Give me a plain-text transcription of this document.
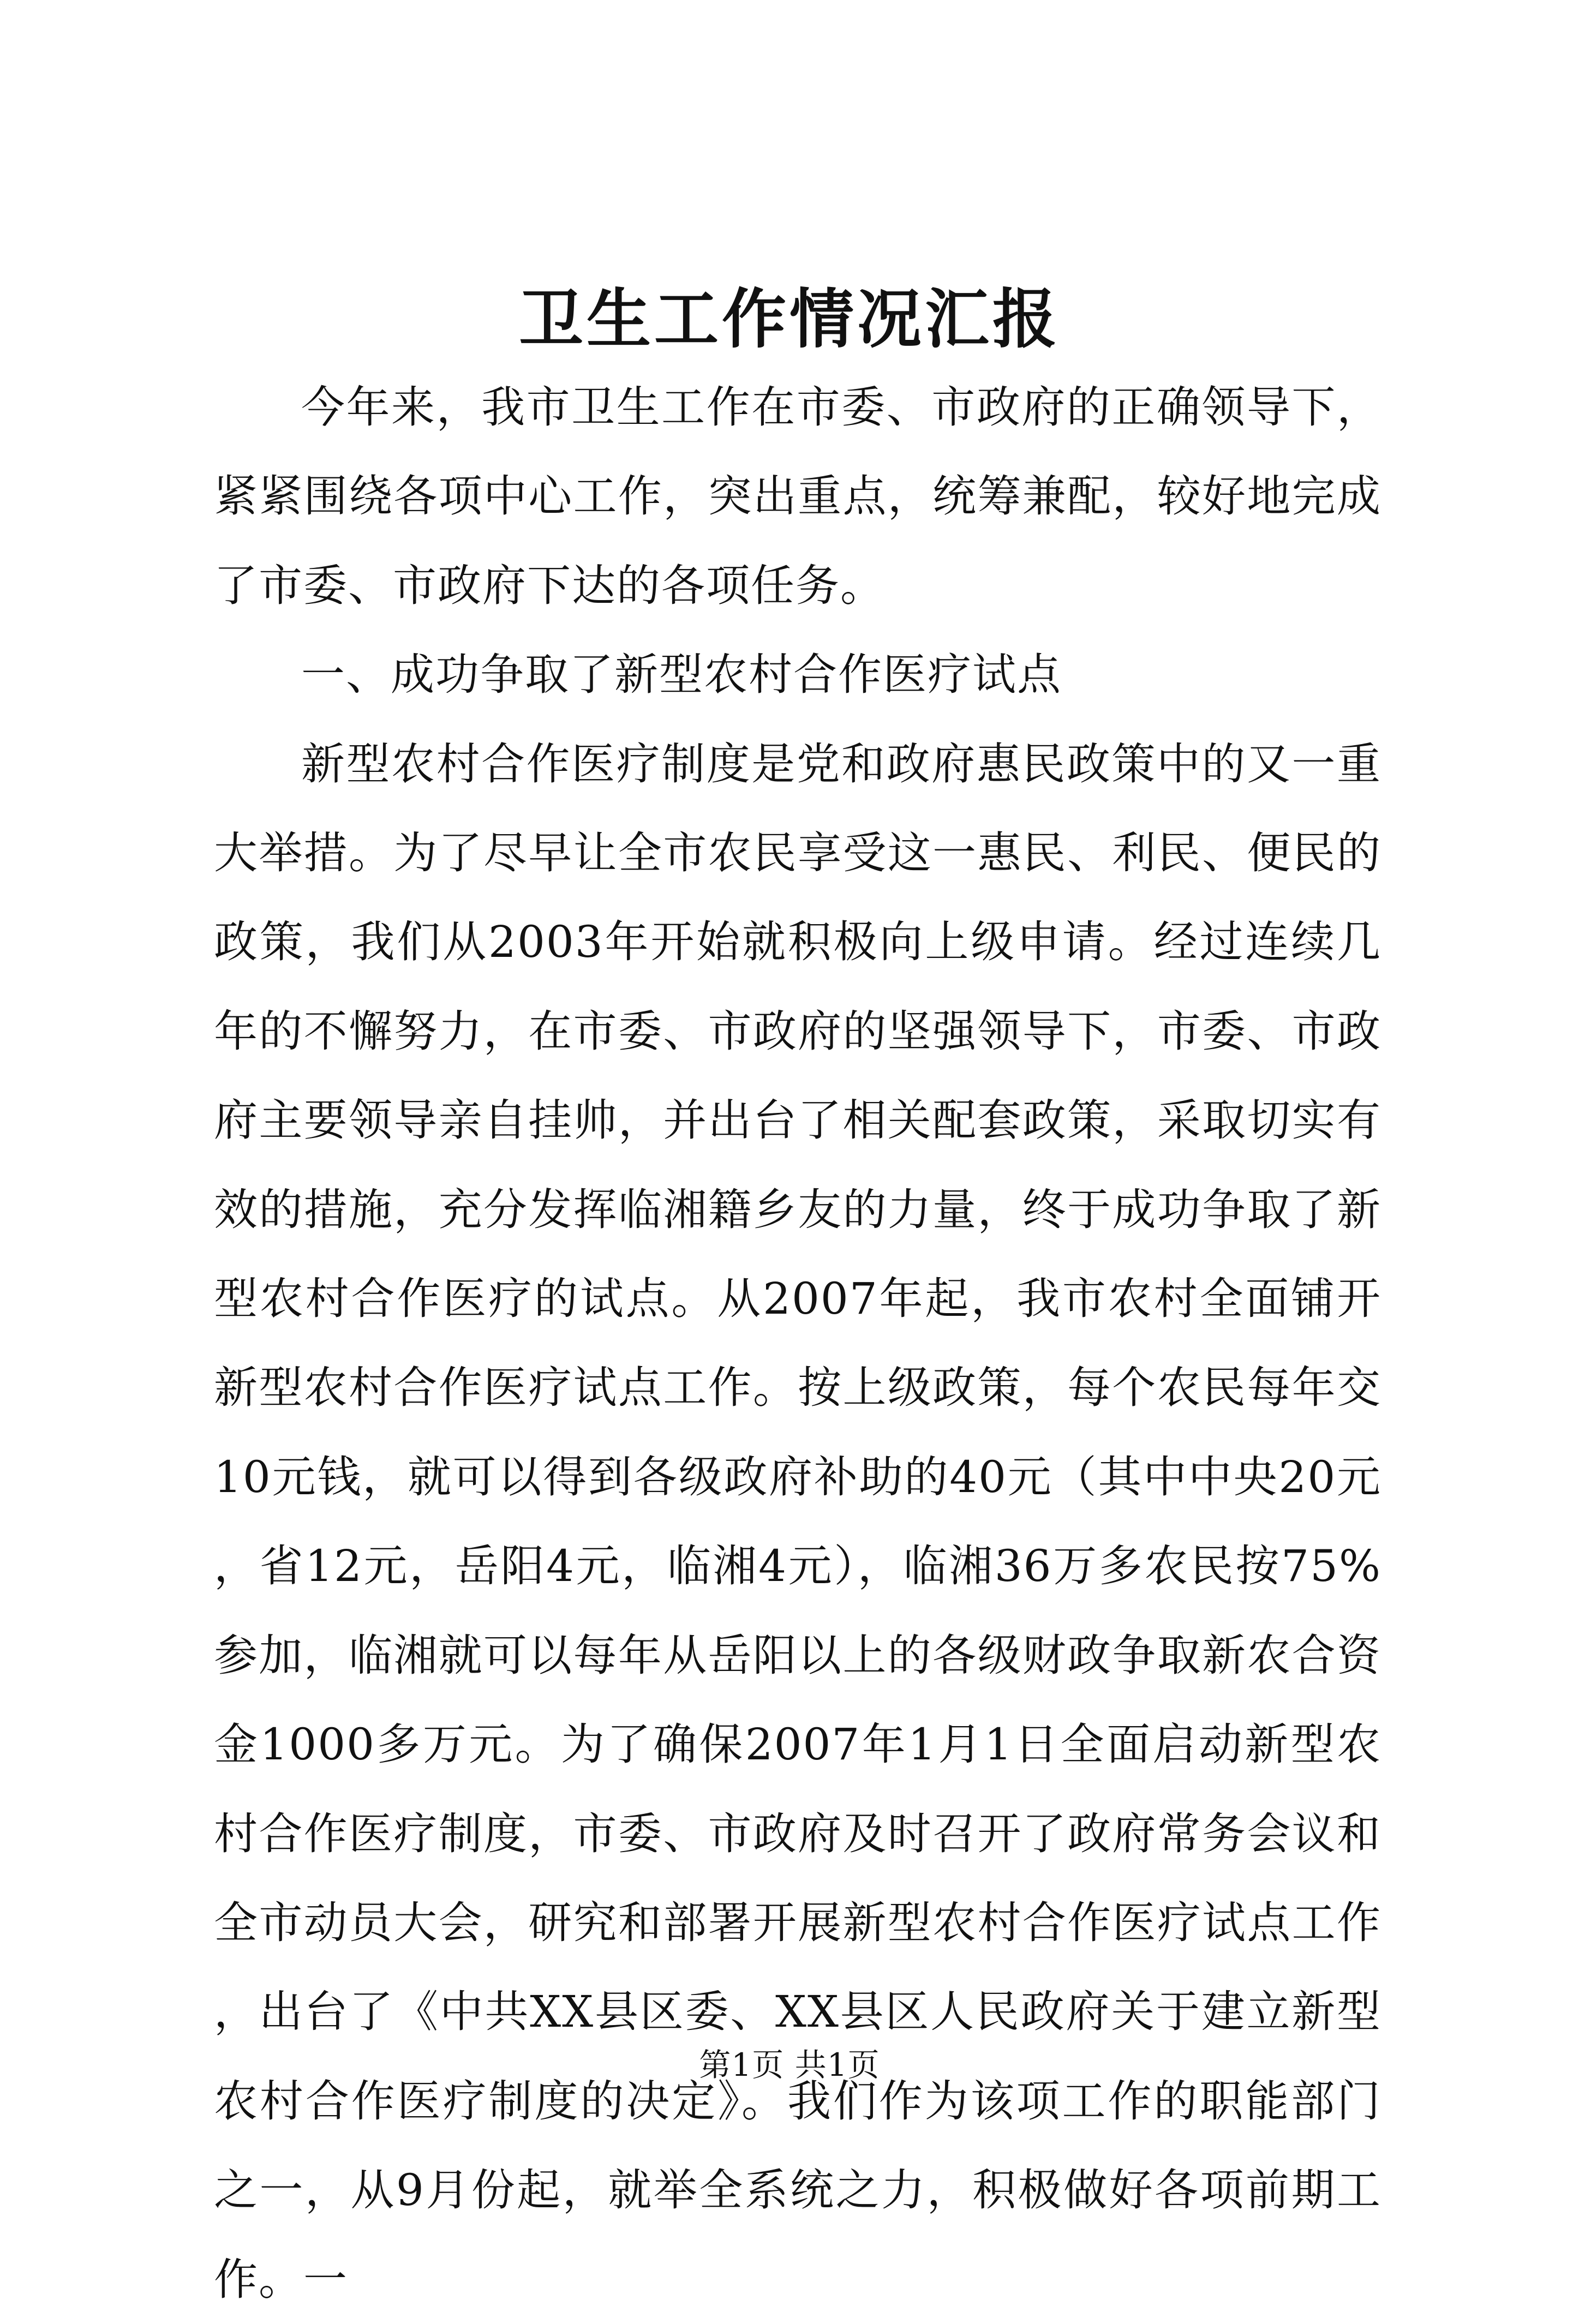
卫生工作情况汇报

今年来，我市卫生工作在市委、市政府的正确领导下，紧紧围绕各项中心工作，突出重点，统筹兼配，较好地完成了市委、市政府下达的各项任务。

一、成功争取了新型农村合作医疗试点

新型农村合作医疗制度是党和政府惠民政策中的又一重大举措。为了尽早让全市农民享受这一惠民、利民、便民的政策，我们从2003年开始就积极向上级申请。经过连续几年的不懈努力，在市委、市政府的坚强领导下，市委、市政府主要领导亲自挂帅，并出台了相关配套政策，采取切实有效的措施，充分发挥临湘籍乡友的力量，终于成功争取了新型农村合作医疗的试点。从2007年起，我市农村全面铺开新型农村合作医疗试点工作。按上级政策，每个农民每年交10元钱，就可以得到各级政府补助的40元（其中中央20元，省12元，岳阳4元，临湘4元），临湘36万多农民按75%参加，临湘就可以每年从岳阳以上的各级财政争取新农合资金1000多万元。为了确保2007年1月1日全面启动新型农村合作医疗制度，市委、市政府及时召开了政府常务会议和全市动员大会，研究和部署开展新型农村合作医疗试点工作，出台了《中共XX县区委、XX县区人民政府关于建立新型农村合作医疗制度的决定》。我们作为该项工作的职能部门之一，从9月份起，就举全系统之力，积极做好各项前期工作。一

第1页 共1页
